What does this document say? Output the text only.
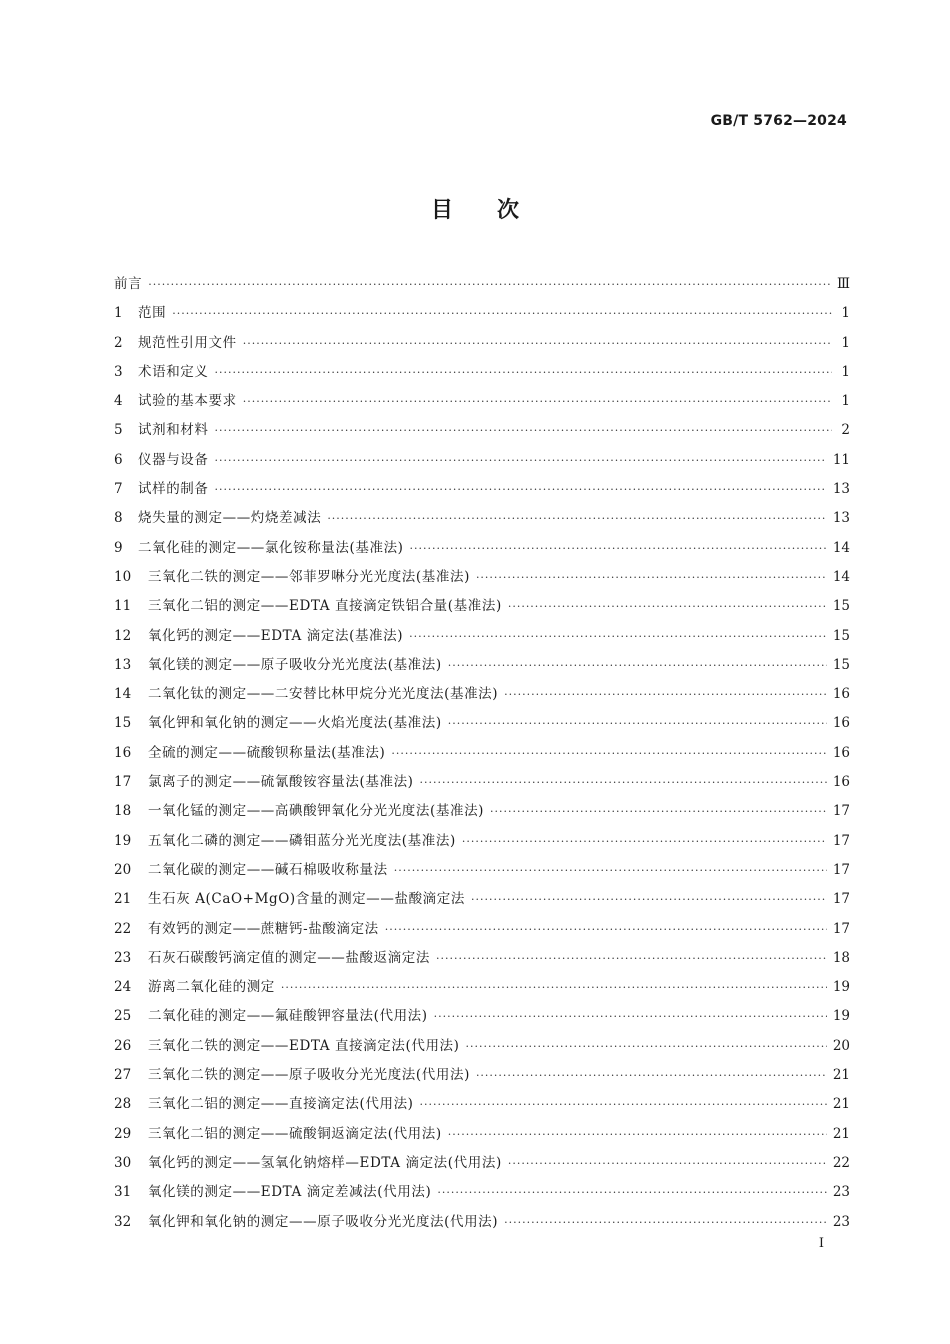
GB/T 5762—2024
目次
前言 ·····	Ⅲ
1	范围 ·····	1
2	规范性引用文件 ·····	1
3	术语和定义 ·····	1
4	试验的基本要求 ·····	1
5	试剂和材料 ·····	2
6	仪器与设备 ·····	11
7	试样的制备 ·····	13
8	烧失量的测定——灼烧差减法 ·····	13
9	二氧化硅的测定——氯化铵称量法(基准法) ·····	14
10	三氧化二铁的测定——邻菲罗啉分光光度法(基准法) ·····	14
11	三氧化二铝的测定——EDTA 直接滴定铁铝合量(基准法) ·····	15
12	氧化钙的测定——EDTA 滴定法(基准法) ·····	15
13	氧化镁的测定——原子吸收分光光度法(基准法) ·····	15
14	二氧化钛的测定——二安替比林甲烷分光光度法(基准法) ·····	16
15	氧化钾和氧化钠的测定——火焰光度法(基准法) ·····	16
16	全硫的测定——硫酸钡称量法(基准法) ·····	16
17	氯离子的测定——硫氰酸铵容量法(基准法) ·····	16
18	一氧化锰的测定——高碘酸钾氧化分光光度法(基准法) ·····	17
19	五氧化二磷的测定——磷钼蓝分光光度法(基准法) ·····	17
20	二氧化碳的测定——碱石棉吸收称量法 ·····	17
21	生石灰 A(CaO+MgO)含量的测定——盐酸滴定法 ·····	17
22	有效钙的测定——蔗糖钙-盐酸滴定法 ·····	17
23	石灰石碳酸钙滴定值的测定——盐酸返滴定法 ·····	18
24	游离二氧化硅的测定 ·····	19
25	二氧化硅的测定——氟硅酸钾容量法(代用法) ·····	19
26	三氧化二铁的测定——EDTA 直接滴定法(代用法) ·····	20
27	三氧化二铁的测定——原子吸收分光光度法(代用法) ·····	21
28	三氧化二铝的测定——直接滴定法(代用法) ·····	21
29	三氧化二铝的测定——硫酸铜返滴定法(代用法) ·····	21
30	氧化钙的测定——氢氧化钠熔样—EDTA 滴定法(代用法) ·····	22
31	氧化镁的测定——EDTA 滴定差减法(代用法) ·····	23
32	氧化钾和氧化钠的测定——原子吸收分光光度法(代用法) ·····	23
Ⅰ
